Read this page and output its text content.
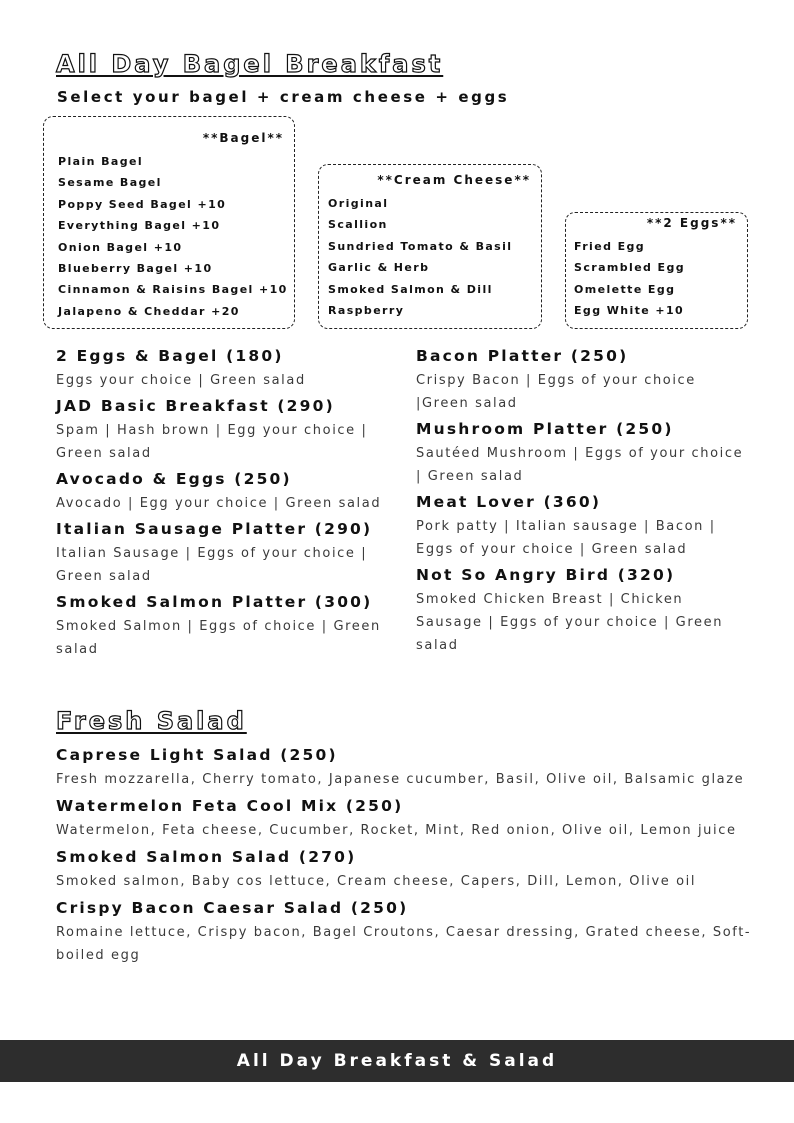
All Day Bagel Breakfast
Select your bagel + cream cheese + eggs
**Bagel**
Plain Bagel
Sesame Bagel
Poppy Seed Bagel +10
Everything Bagel +10
Onion Bagel +10
Blueberry Bagel +10
Cinnamon & Raisins Bagel +10
Jalapeno & Cheddar +20
**Cream Cheese**
Original
Scallion
Sundried Tomato & Basil
Garlic & Herb
Smoked Salmon & Dill
Raspberry
**2 Eggs**
Fried Egg
Scrambled Egg
Omelette Egg
Egg White +10

2 Eggs & Bagel (180)

Eggs your choice | Green salad

JAD Basic Breakfast (290)

Spam | Hash brown | Egg your choice | Green salad

Avocado & Eggs (250)

Avocado | Egg your choice | Green salad

Italian Sausage Platter (290)

Italian Sausage | Eggs of your choice | Green salad

Smoked Salmon Platter (300)

Smoked Salmon | Eggs of choice | Green salad

Bacon Platter (250)

Crispy Bacon | Eggs of your choice |Green salad

Mushroom Platter (250)

Sautéed Mushroom | Eggs of your choice | Green salad

Meat Lover (360)

Pork patty | Italian sausage | Bacon | Eggs of your choice | Green salad

Not So Angry Bird (320)

Smoked Chicken Breast | Chicken Sausage | Eggs of your choice | Green salad

Fresh Salad

Caprese Light Salad (250)

Fresh mozzarella, Cherry tomato, Japanese cucumber, Basil, Olive oil, Balsamic glaze

Watermelon Feta Cool Mix (250)

Watermelon, Feta cheese, Cucumber, Rocket, Mint, Red onion, Olive oil, Lemon juice

Smoked Salmon Salad (270)

Smoked salmon, Baby cos lettuce, Cream cheese, Capers, Dill, Lemon, Olive oil

Crispy Bacon Caesar Salad (250)

Romaine lettuce, Crispy bacon, Bagel Croutons, Caesar dressing, Grated cheese, Soft-boiled egg

All Day Breakfast & Salad
